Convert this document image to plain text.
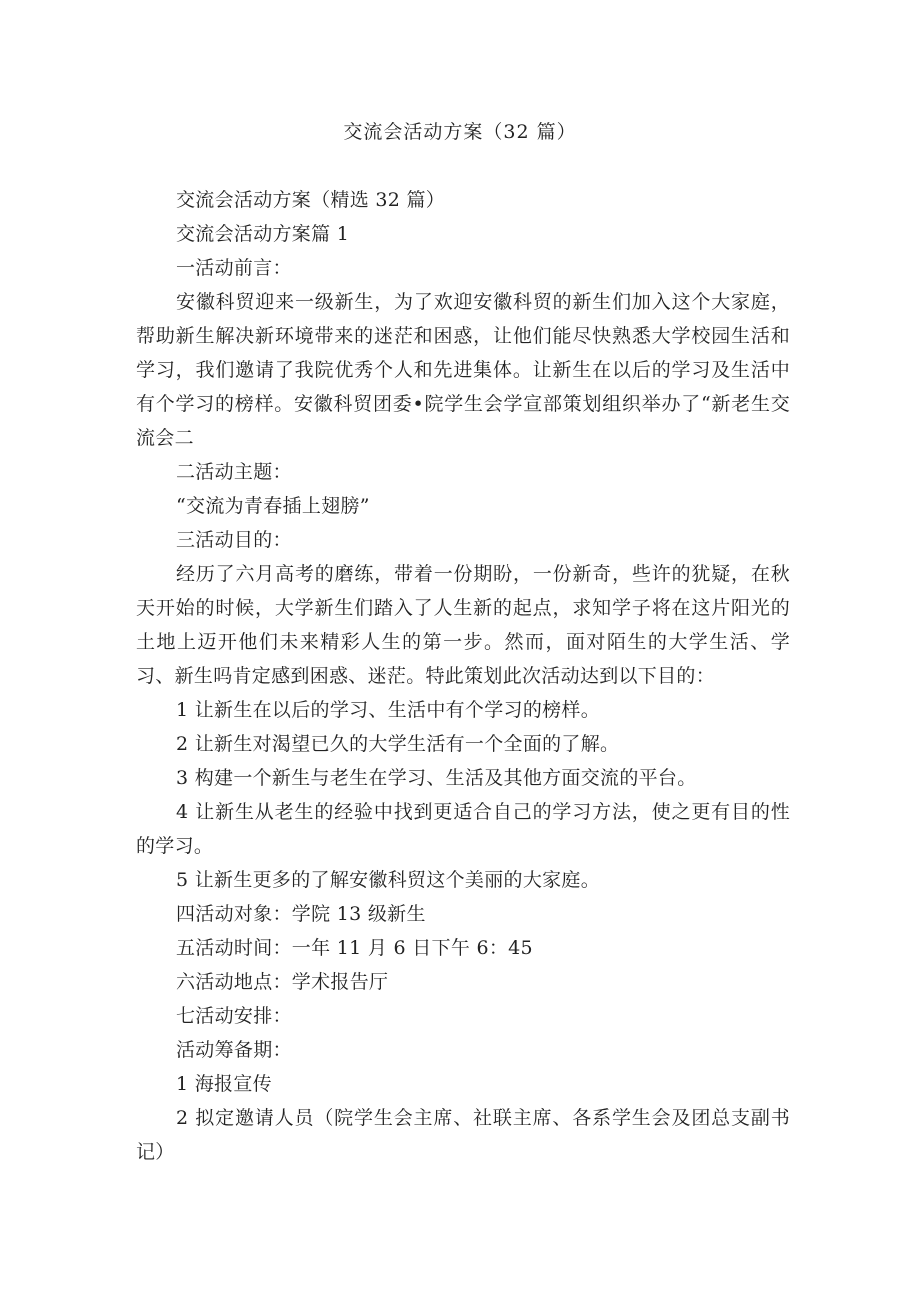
交流会活动方案（32 篇）

交流会活动方案（精选 32 篇）

交流会活动方案篇 1

一活动前言：

安徽科贸迎来一级新生，为了欢迎安徽科贸的新生们加入这个大家庭，帮助新生解决新环境带来的迷茫和困惑，让他们能尽快熟悉大学校园生活和学习，我们邀请了我院优秀个人和先进集体。让新生在以后的学习及生活中有个学习的榜样。安徽科贸团委•院学生会学宣部策划组织举办了“新老生交流会二

二活动主题：

“交流为青春插上翅膀”

三活动目的：

经历了六月高考的磨练，带着一份期盼，一份新奇，些许的犹疑，在秋天开始的时候，大学新生们踏入了人生新的起点，求知学子将在这片阳光的土地上迈开他们未来精彩人生的第一步。然而，面对陌生的大学生活、学习、新生吗肯定感到困惑、迷茫。特此策划此次活动达到以下目的：

1 让新生在以后的学习、生活中有个学习的榜样。

2 让新生对渴望已久的大学生活有一个全面的了解。

3 构建一个新生与老生在学习、生活及其他方面交流的平台。

4 让新生从老生的经验中找到更适合自己的学习方法，使之更有目的性的学习。

5 让新生更多的了解安徽科贸这个美丽的大家庭。

四活动对象：学院 13 级新生

五活动时间：一年 11 月 6 日下午 6：45

六活动地点：学术报告厅

七活动安排：

活动筹备期：

1 海报宣传

2 拟定邀请人员（院学生会主席、社联主席、各系学生会及团总支副书记）
